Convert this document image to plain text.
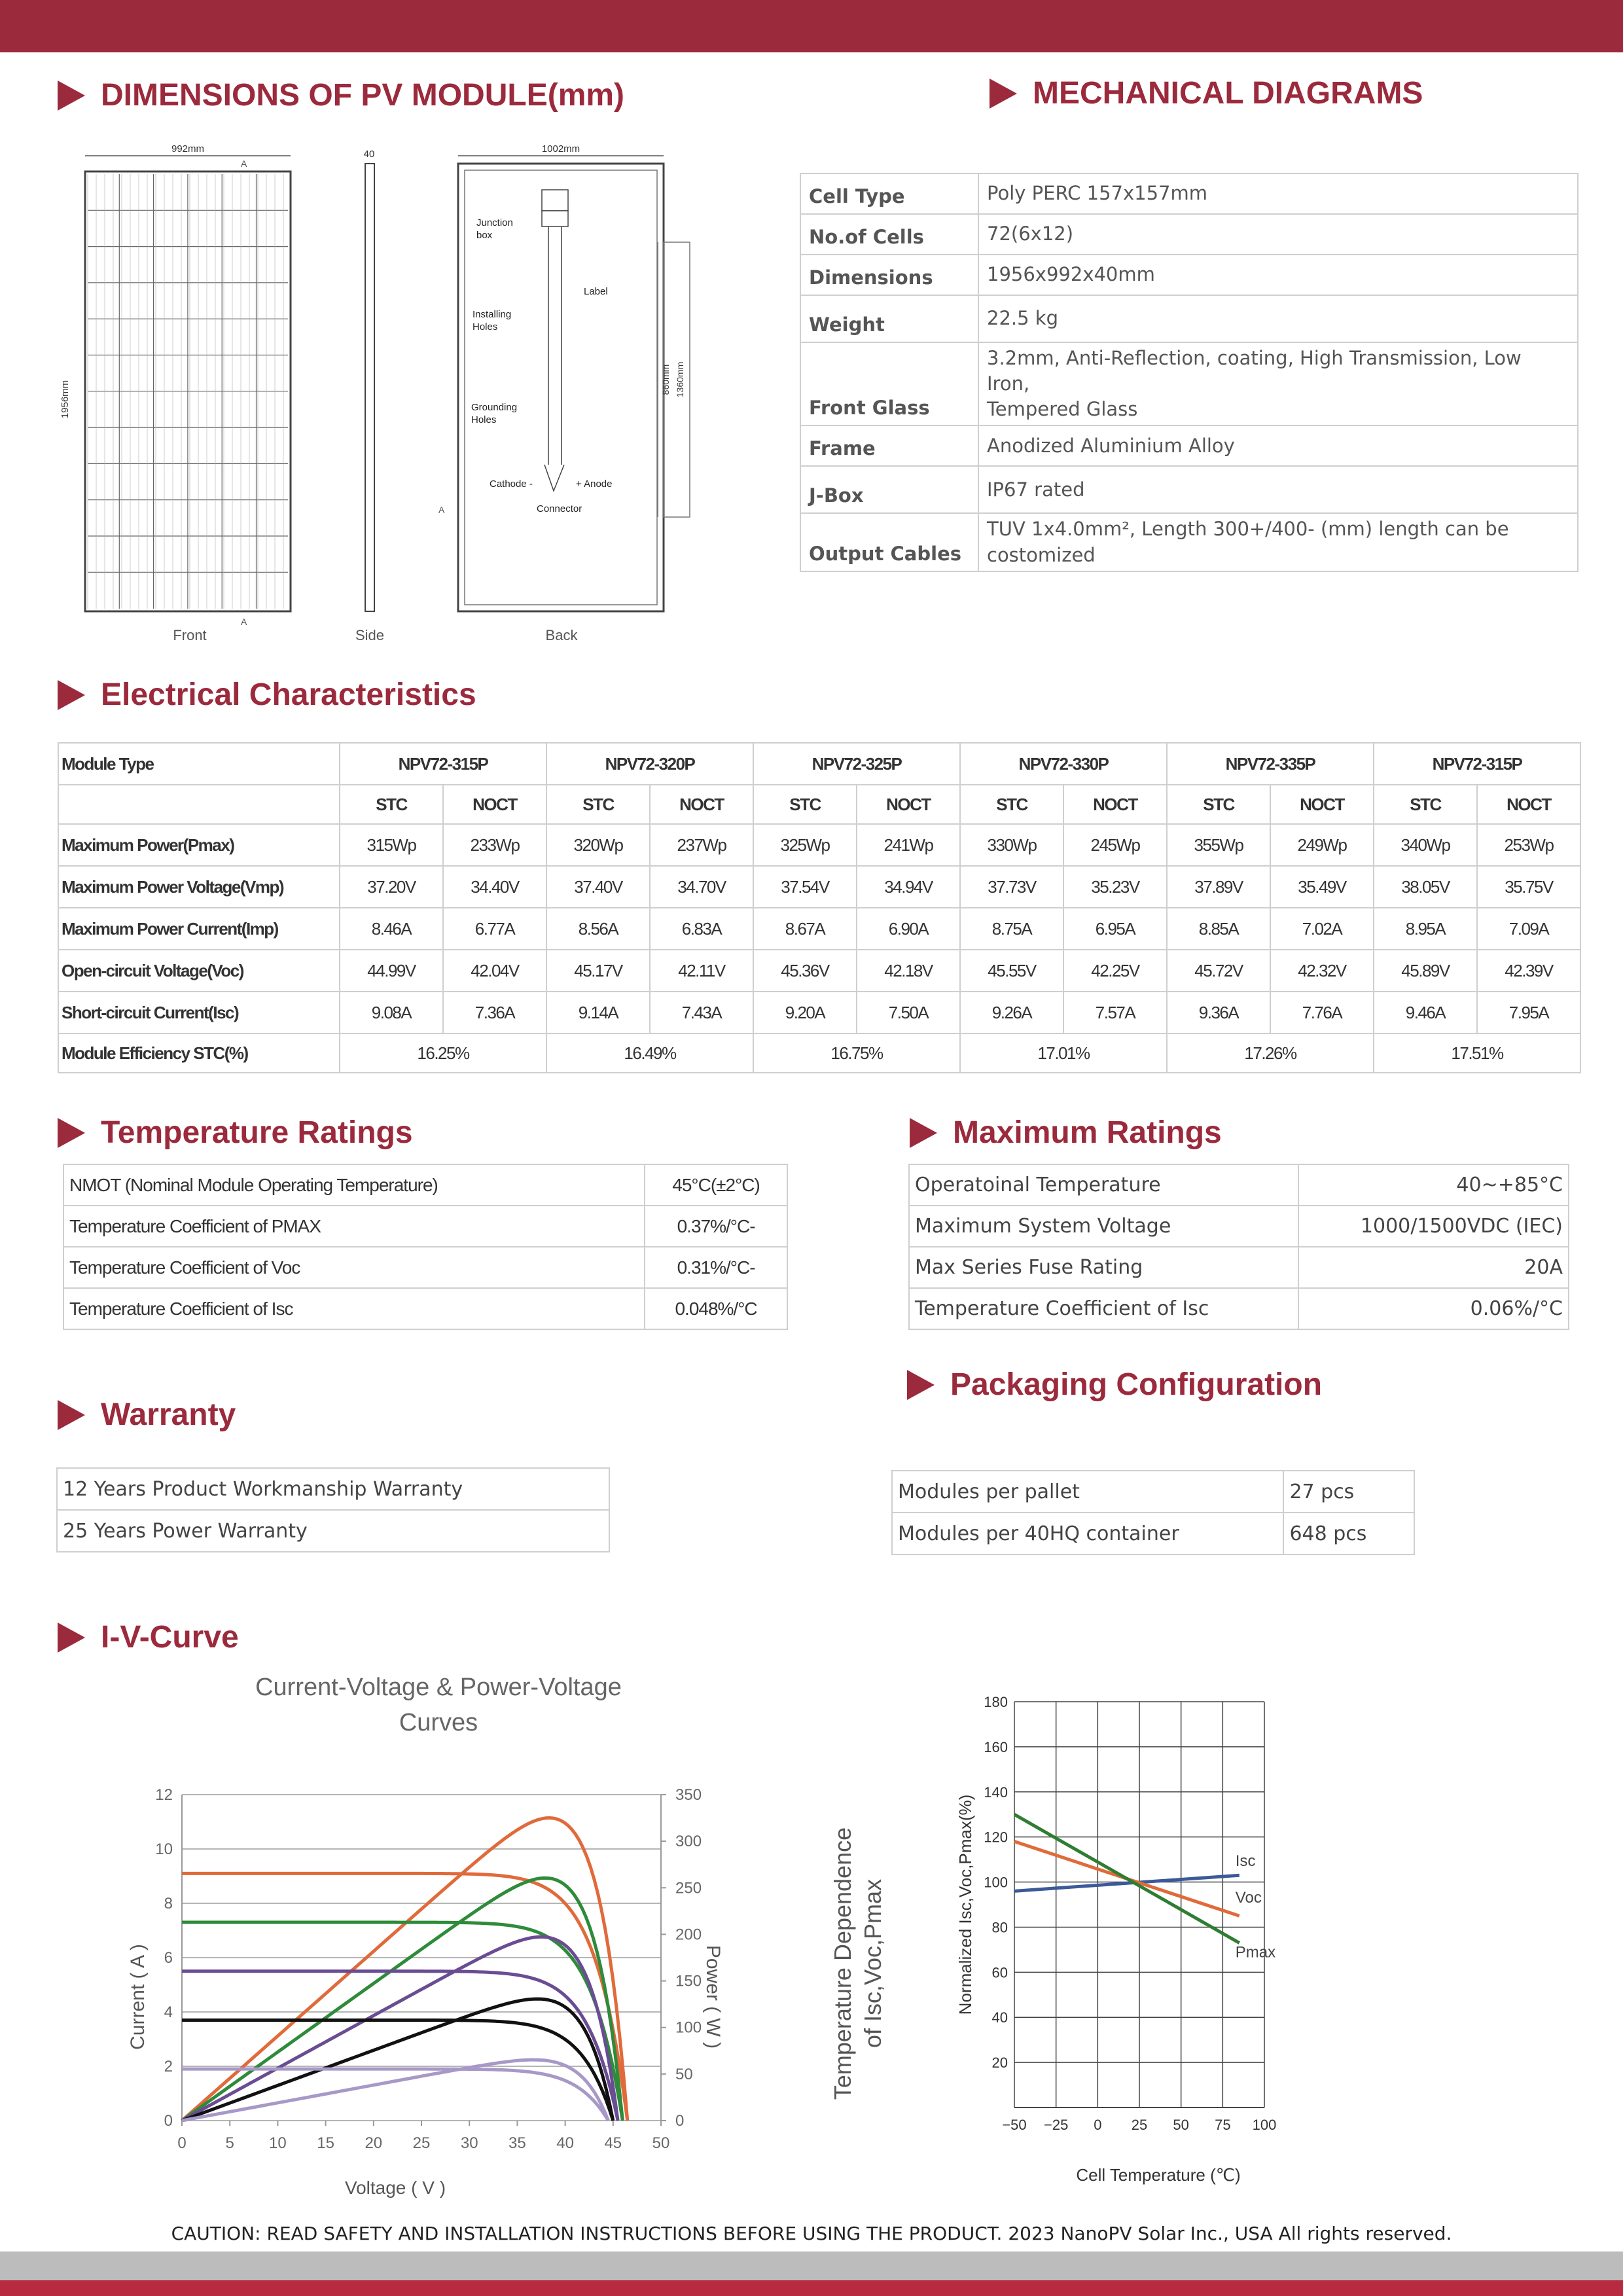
DIMENSIONS OF PV MODULE(mm)	MECHANICAL DIAGRAMS
Electrical Characteristics
Temperature Ratings	Maximum Ratings
Warranty
Packaging Configuration
I-V-Curve
992mm
A
1956mm
A
Front
40
Side
1002mm
Junction box
Label
Installing Holes
Grounding Holes
Cathode -	+ Anode
Connector
860mm 1360mm
A
Back
Cell Type	Poly PERC 157x157mm

No.of Cells	72(6x12)

Dimensions	1956x992x40mm

Weight	22.5 kg

Front Glass	3.2mm, Anti-Reflection, coating, High Transmission, Low Iron,
Tempered Glass

Frame	Anodized Aluminium Alloy

J-Box	IP67 rated

Output Cables	TUV 1x4.0mm², Length 300+/400- (mm) length can be
costomized
Module Type	NPV72-315P		NPV72-320P		NPV72-325P		NPV72-330P		NPV72-335P		NPV72-315P	
	STC	NOCT	STC	NOCT	STC	NOCT	STC	NOCT	STC	NOCT	STC	NOCT
Maximum Power(Pmax)	315Wp	233Wp	320Wp	237Wp	325Wp	241Wp	330Wp	245Wp	355Wp	249Wp	340Wp	253Wp
Maximum Power Voltage(Vmp)	37.20V	34.40V	37.40V	34.70V	37.54V	34.94V	37.73V	35.23V	37.89V	35.49V	38.05V	35.75V
Maximum Power Current(Imp)	8.46A	6.77A	8.56A	6.83A	8.67A	6.90A	8.75A	6.95A	8.85A	7.02A	8.95A	7.09A
Open-circuit Voltage(Voc)	44.99V	42.04V	45.17V	42.11V	45.36V	42.18V	45.55V	42.25V	45.72V	42.32V	45.89V	42.39V
Short-circuit Current(Isc)	9.08A	7.36A	9.14A	7.43A	9.20A	7.50A	9.26A	7.57A	9.36A	7.76A	9.46A	7.95A
Module Efficiency STC(%)	16.25%		16.49%		16.75%		17.01%		17.26%		17.51%	
NMOT (Nominal Module Operating Temperature)	45°C(±2°C)
Temperature Coefficient of PMAX	0.37%/°C-
Temperature Coefficient of Voc	0.31%/°C-
Temperature Coefficient of Isc	0.048%/°C
Operatoinal Temperature	40~+85°C
Maximum System Voltage	1000/1500VDC (IEC)
Max Series Fuse Rating	20A
Temperature Coefficient of Isc	0.06%/°C
12 Years Product Workmanship Warranty
25 Years Power Warranty
Modules per pallet	27 pcs
Modules per 40HQ container	648 pcs
Current-Voltage & Power-Voltage
Curves
0
2
4
6
8
10
12
0
50
100
150
200
250
300
350
0 5 10 15 20 25 30 35 40 45 50
Voltage ( V )
Current ( A )	Power ( W )
20
40
60
80
100
120
140
160
180
−50 −25 0 25 50 75 100
Cell Temperature (℃)
Normalized Isc,Voc,Pmax(%)
Temperature Dependence of Isc,Voc,Pmax
Isc
Voc
Pmax
CAUTION: READ SAFETY AND INSTALLATION INSTRUCTIONS BEFORE USING THE PRODUCT. 2023 NanoPV Solar Inc., USA All rights reserved.
